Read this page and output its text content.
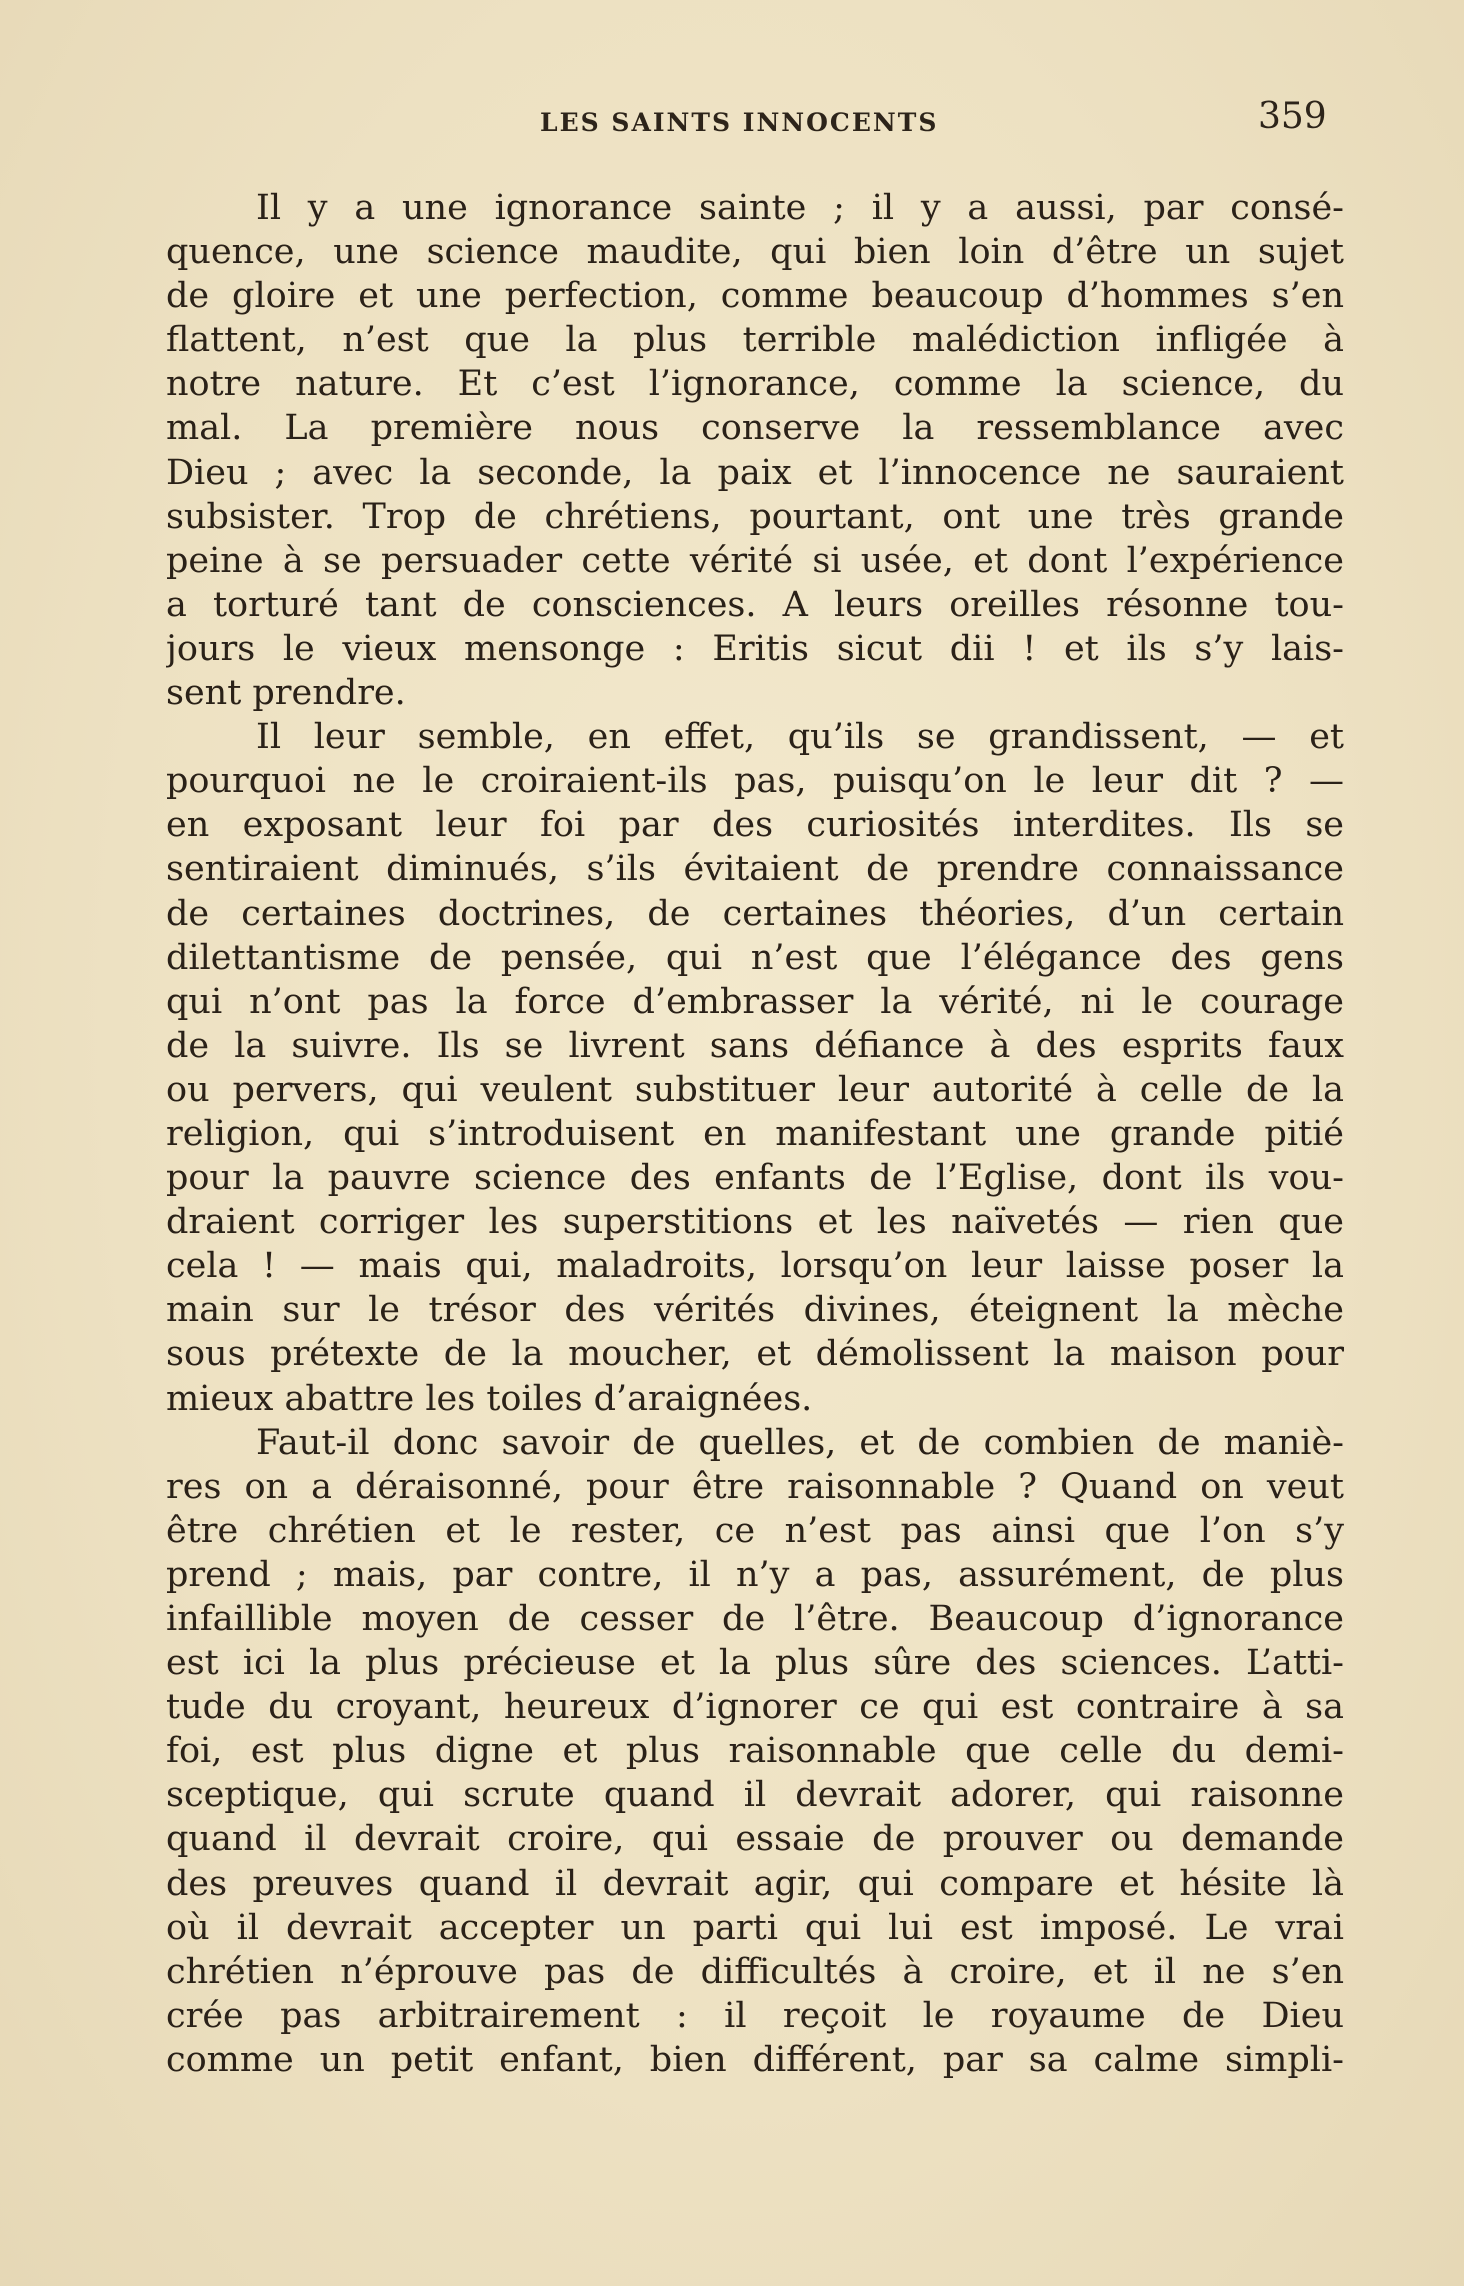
LES SAINTS INNOCENTS	359
Il y a une ignorance sainte ; il y a aussi, par consé-
quence, une science maudite, qui bien loin d’être un sujet
de gloire et une perfection, comme beaucoup d’hommes s’en
flattent, n’est que la plus terrible malédiction infligée à
notre nature. Et c’est l’ignorance, comme la science, du
mal. La première nous conserve la ressemblance avec
Dieu ; avec la seconde, la paix et l’innocence ne sauraient
subsister. Trop de chrétiens, pourtant, ont une très grande
peine à se persuader cette vérité si usée, et dont l’expérience
a torturé tant de consciences. A leurs oreilles résonne tou-
jours le vieux mensonge : Eritis sicut dii ! et ils s’y lais-
sent prendre.
Il leur semble, en effet, qu’ils se grandissent, — et
pourquoi ne le croiraient-ils pas, puisqu’on le leur dit ? —
en exposant leur foi par des curiosités interdites. Ils se
sentiraient diminués, s’ils évitaient de prendre connaissance
de certaines doctrines, de certaines théories, d’un certain
dilettantisme de pensée, qui n’est que l’élégance des gens
qui n’ont pas la force d’embrasser la vérité, ni le courage
de la suivre. Ils se livrent sans défiance à des esprits faux
ou pervers, qui veulent substituer leur autorité à celle de la
religion, qui s’introduisent en manifestant une grande pitié
pour la pauvre science des enfants de l’Eglise, dont ils vou-
draient corriger les superstitions et les naïvetés — rien que
cela ! — mais qui, maladroits, lorsqu’on leur laisse poser la
main sur le trésor des vérités divines, éteignent la mèche
sous prétexte de la moucher, et démolissent la maison pour
mieux abattre les toiles d’araignées.
Faut-il donc savoir de quelles, et de combien de maniè-
res on a déraisonné, pour être raisonnable ? Quand on veut
être chrétien et le rester, ce n’est pas ainsi que l’on s’y
prend ; mais, par contre, il n’y a pas, assurément, de plus
infaillible moyen de cesser de l’être. Beaucoup d’ignorance
est ici la plus précieuse et la plus sûre des sciences. L’atti-
tude du croyant, heureux d’ignorer ce qui est contraire à sa
foi, est plus digne et plus raisonnable que celle du demi-
sceptique, qui scrute quand il devrait adorer, qui raisonne
quand il devrait croire, qui essaie de prouver ou demande
des preuves quand il devrait agir, qui compare et hésite là
où il devrait accepter un parti qui lui est imposé. Le vrai
chrétien n’éprouve pas de difficultés à croire, et il ne s’en
crée pas arbitrairement : il reçoit le royaume de Dieu
comme un petit enfant, bien différent, par sa calme simpli-
